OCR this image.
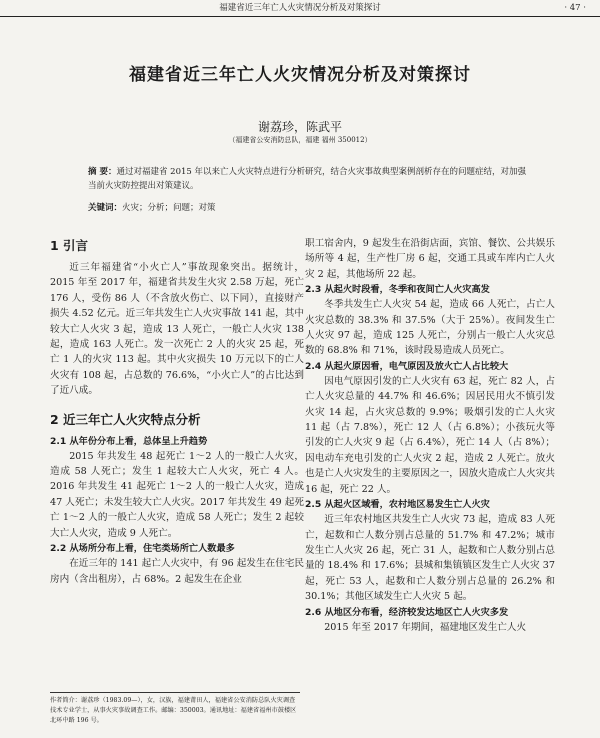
福建省近三年亡人火灾情况分析及对策探讨	· 47 ·
福建省近三年亡人火灾情况分析及对策探讨
谢荔珍，陈武平
（福建省公安消防总队，福建 福州 350012）
摘 要：通过对福建省 2015 年以来亡人火灾特点进行分析研究，结合火灾事故典型案例剖析存在的问题症结，对加强当前火灾防控提出对策建议。
关键词：火灾；分析；问题；对策
1 引言

近三年福建省“小火亡人”事故现象突出。据统计，2015 年至 2017 年，福建省共发生火灾 2.58 万起，死亡 176 人，受伤 86 人（不含放火伤亡、以下同），直接财产损失 4.52 亿元。近三年共发生亡人火灾事故 141 起，其中较大亡人火灾 3 起，造成 13 人死亡，一般亡人火灾 138 起，造成 163 人死亡。发一次死亡 2 人的火灾 25 起，死亡 1 人的火灾 113 起。其中火灾损失 10 万元以下的亡人火灾有 108 起，占总数的 76.6%，“小火亡人”的占比达到了近八成。

2 近三年亡人火灾特点分析
2.1 从年份分布上看，总体呈上升趋势

2015 年共发生 48 起死亡 1～2 人的一般亡人火灾，造成 58 人死亡；发生 1 起较大亡人火灾，死亡 4 人。2016 年共发生 41 起死亡 1～2 人的一般亡人火灾，造成 47 人死亡；未发生较大亡人火灾。2017 年共发生 49 起死亡 1～2 人的一般亡人火灾，造成 58 人死亡；发生 2 起较大亡人火灾，造成 9 人死亡。

2.2 从场所分布上看，住宅类场所亡人数最多

在近三年的 141 起亡人火灾中，有 96 起发生在住宅民房内（含出租房），占 68%。2 起发生在企业

职工宿舍内，9 起发生在沿街店面，宾馆、餐饮、公共娱乐场所等 4 起，生产性厂房 6 起，交通工具或车库内亡人火灾 2 起，其他场所 22 起。

2.3 从起火时段看，冬季和夜间亡人火灾高发

冬季共发生亡人火灾 54 起，造成 66 人死亡，占亡人火灾总数的 38.3% 和 37.5%（大于 25%）。夜间发生亡人火灾 97 起，造成 125 人死亡，分别占一般亡人火灾总数的 68.8% 和 71%，该时段易造成人员死亡。

2.4 从起火原因看，电气原因及放火亡人占比较大

因电气原因引发的亡人火灾有 63 起，死亡 82 人，占亡人火灾总量的 44.7% 和 46.6%；因居民用火不慎引发火灾 14 起，占火灾总数的 9.9%；吸烟引发的亡人火灾 11 起（占 7.8%），死亡 12 人（占 6.8%）；小孩玩火等引发的亡人火灾 9 起（占 6.4%），死亡 14 人（占 8%）；因电动车充电引发的亡人火灾 2 起，造成 2 人死亡。放火也是亡人火灾发生的主要原因之一，因放火造成亡人火灾共 16 起，死亡 22 人。

2.5 从起火区域看，农村地区易发生亡人火灾

近三年农村地区共发生亡人火灾 73 起，造成 83 人死亡，起数和亡人数分别占总量的 51.7% 和 47.2%；城市发生亡人火灾 26 起，死亡 31 人，起数和亡人数分别占总量的 18.4% 和 17.6%；县城和集镇镇区发生亡人火灾 37 起，死亡 53 人，起数和亡人数分别占总量的 26.2% 和 30.1%；其他区域发生亡人火灾 5 起。

2.6 从地区分布看，经济较发达地区亡人火灾多发

2015 年至 2017 年期间，福建地区发生亡人火

作者简介：谢荔珍（1983.09—），女，汉族，福建莆田人，福建省公安消防总队火灾调查技术专业学士，从事火灾事故调查工作。邮编：350003。通讯地址：福建省福州市鼓楼区北环中路 196 号。
